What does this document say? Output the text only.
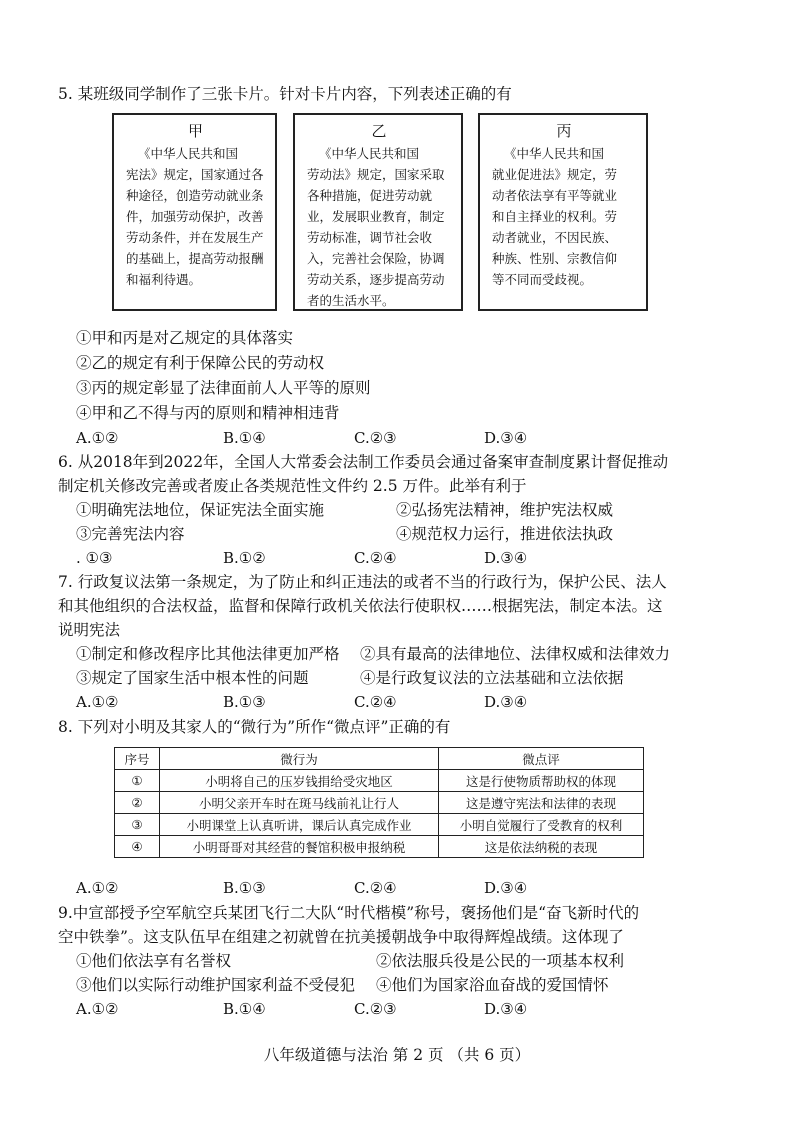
5. 某班级同学制作了三张卡片。针对卡片内容，下列表述正确的有
甲
《中华人民共和国
宪法》规定，国家通过各
种途径，创造劳动就业条
件，加强劳动保护，改善
劳动条件，并在发展生产
的基础上，提高劳动报酬
和福利待遇。
乙
《中华人民共和国
劳动法》规定，国家采取
各种措施，促进劳动就
业，发展职业教育，制定
劳动标准，调节社会收
入，完善社会保险，协调
劳动关系，逐步提高劳动
者的生活水平。
丙
《中华人民共和国
就业促进法》规定，劳
动者依法享有平等就业
和自主择业的权利。劳
动者就业，不因民族、
种族、性别、宗教信仰
等不同而受歧视。
①甲和丙是对乙规定的具体落实
②乙的规定有利于保障公民的劳动权
③丙的规定彰显了法律面前人人平等的原则
④甲和乙不得与丙的原则和精神相违背
A.①②	B.①④	C.②③	D.③④
6. 从2018年到2022年，全国人大常委会法制工作委员会通过备案审查制度累计督促推动
制定机关修改完善或者废止各类规范性文件约 2.5 万件。此举有利于
①明确宪法地位，保证宪法全面实施	②弘扬宪法精神，维护宪法权威
③完善宪法内容	④规范权力运行，推进依法执政
. ①③	B.①②	C.②④	D.③④
7. 行政复议法第一条规定，为了防止和纠正违法的或者不当的行政行为，保护公民、法人
和其他组织的合法权益，监督和保障行政机关依法行使职权……根据宪法，制定本法。这
说明宪法
①制定和修改程序比其他法律更加严格 ②具有最高的法律地位、法律权威和法律效力
③规定了国家生活中根本性的问题	④是行政复议法的立法基础和立法依据
A.①②	B.①③	C.②④	D.③④
8. 下列对小明及其家人的“微行为”所作“微点评”正确的有
序号	微行为	微点评
①	小明将自己的压岁钱捐给受灾地区	这是行使物质帮助权的体现
②	小明父亲开车时在斑马线前礼让行人	这是遵守宪法和法律的表现
③	小明课堂上认真听讲，课后认真完成作业	小明自觉履行了受教育的权利
④	小明哥哥对其经营的餐馆积极申报纳税	这是依法纳税的表现
A.①②	B.①③	C.②④	D.③④
9.中宣部授予空军航空兵某团飞行二大队“时代楷模”称号，褒扬他们是“奋飞新时代的
空中铁拳”。这支队伍早在组建之初就曾在抗美援朝战争中取得辉煌战绩。这体现了
①他们依法享有名誉权	②依法服兵役是公民的一项基本权利
③他们以实际行动维护国家利益不受侵犯 ④他们为国家浴血奋战的爱国情怀
A.①②	B.①④	C.②③	D.③④
八年级道德与法治 第 2 页 （共 6 页）
